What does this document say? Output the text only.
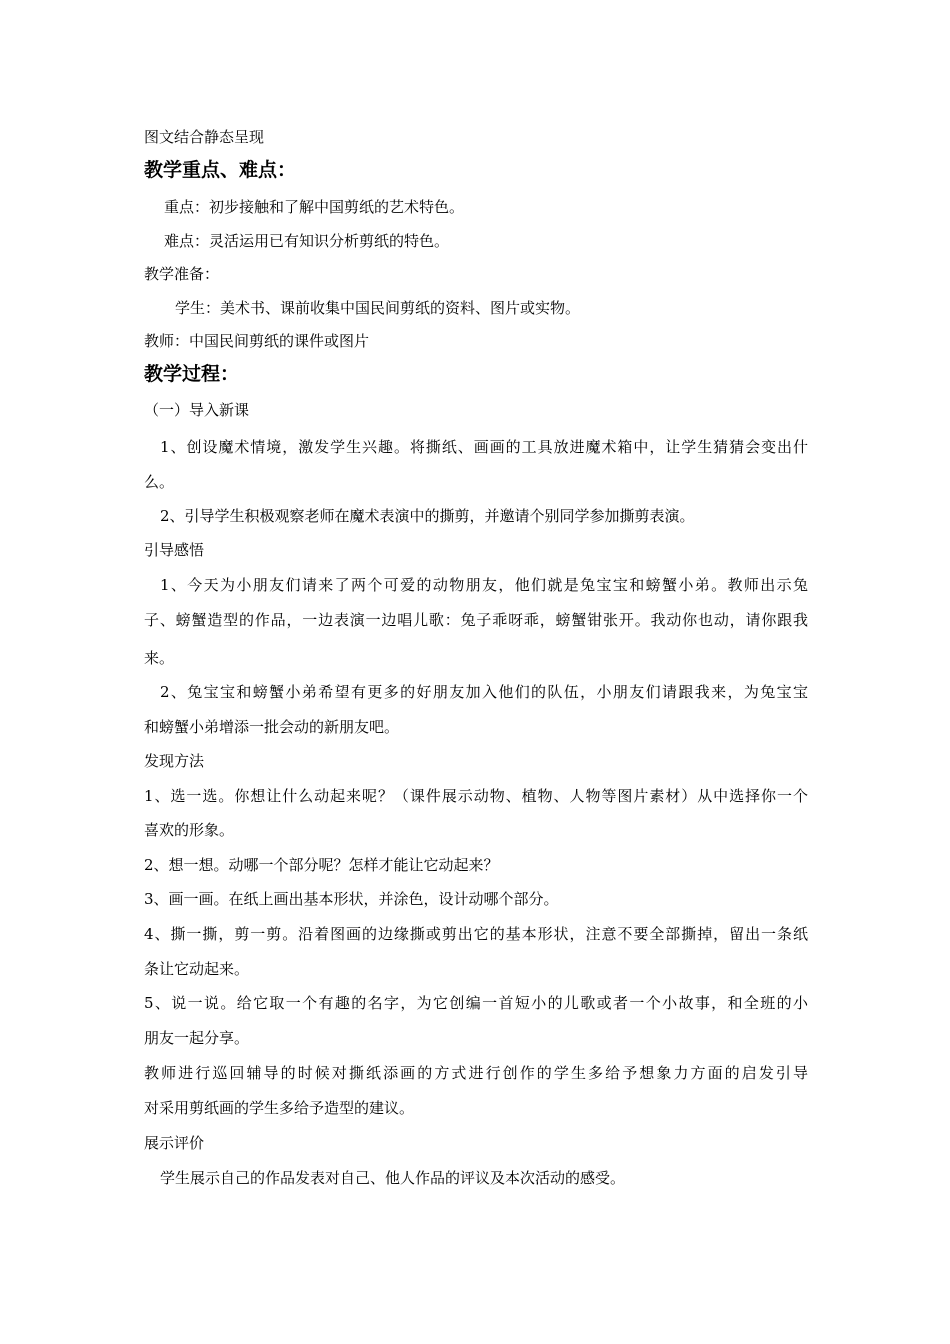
图文结合静态呈现
教学重点、难点：
重点：初步接触和了解中国剪纸的艺术特色。
难点：灵活运用已有知识分析剪纸的特色。
教学准备：
学生：美术书、课前收集中国民间剪纸的资料、图片或实物。
教师：中国民间剪纸的课件或图片
教学过程：
（一）导入新课
1、创设魔术情境，激发学生兴趣。将撕纸、画画的工具放进魔术箱中，让学生猜猜会变出什
么。
2、引导学生积极观察老师在魔术表演中的撕剪，并邀请个别同学参加撕剪表演。
引导感悟
1、今天为小朋友们请来了两个可爱的动物朋友，他们就是兔宝宝和螃蟹小弟。教师出示兔
子、螃蟹造型的作品，一边表演一边唱儿歌：兔子乖呀乖，螃蟹钳张开。我动你也动，请你跟我
来。
2、兔宝宝和螃蟹小弟希望有更多的好朋友加入他们的队伍，小朋友们请跟我来，为兔宝宝
和螃蟹小弟增添一批会动的新朋友吧。
发现方法
1、选一选。你想让什么动起来呢？（课件展示动物、植物、人物等图片素材）从中选择你一个
喜欢的形象。
2、想一想。动哪一个部分呢？怎样才能让它动起来？
3、画一画。在纸上画出基本形状，并涂色，设计动哪个部分。
4、撕一撕，剪一剪。沿着图画的边缘撕或剪出它的基本形状，注意不要全部撕掉，留出一条纸
条让它动起来。
5、说一说。给它取一个有趣的名字，为它创编一首短小的儿歌或者一个小故事，和全班的小
朋友一起分享。
教师进行巡回辅导的时候对撕纸添画的方式进行创作的学生多给予想象力方面的启发引导
对采用剪纸画的学生多给予造型的建议。
展示评价
学生展示自己的作品发表对自己、他人作品的评议及本次活动的感受。
